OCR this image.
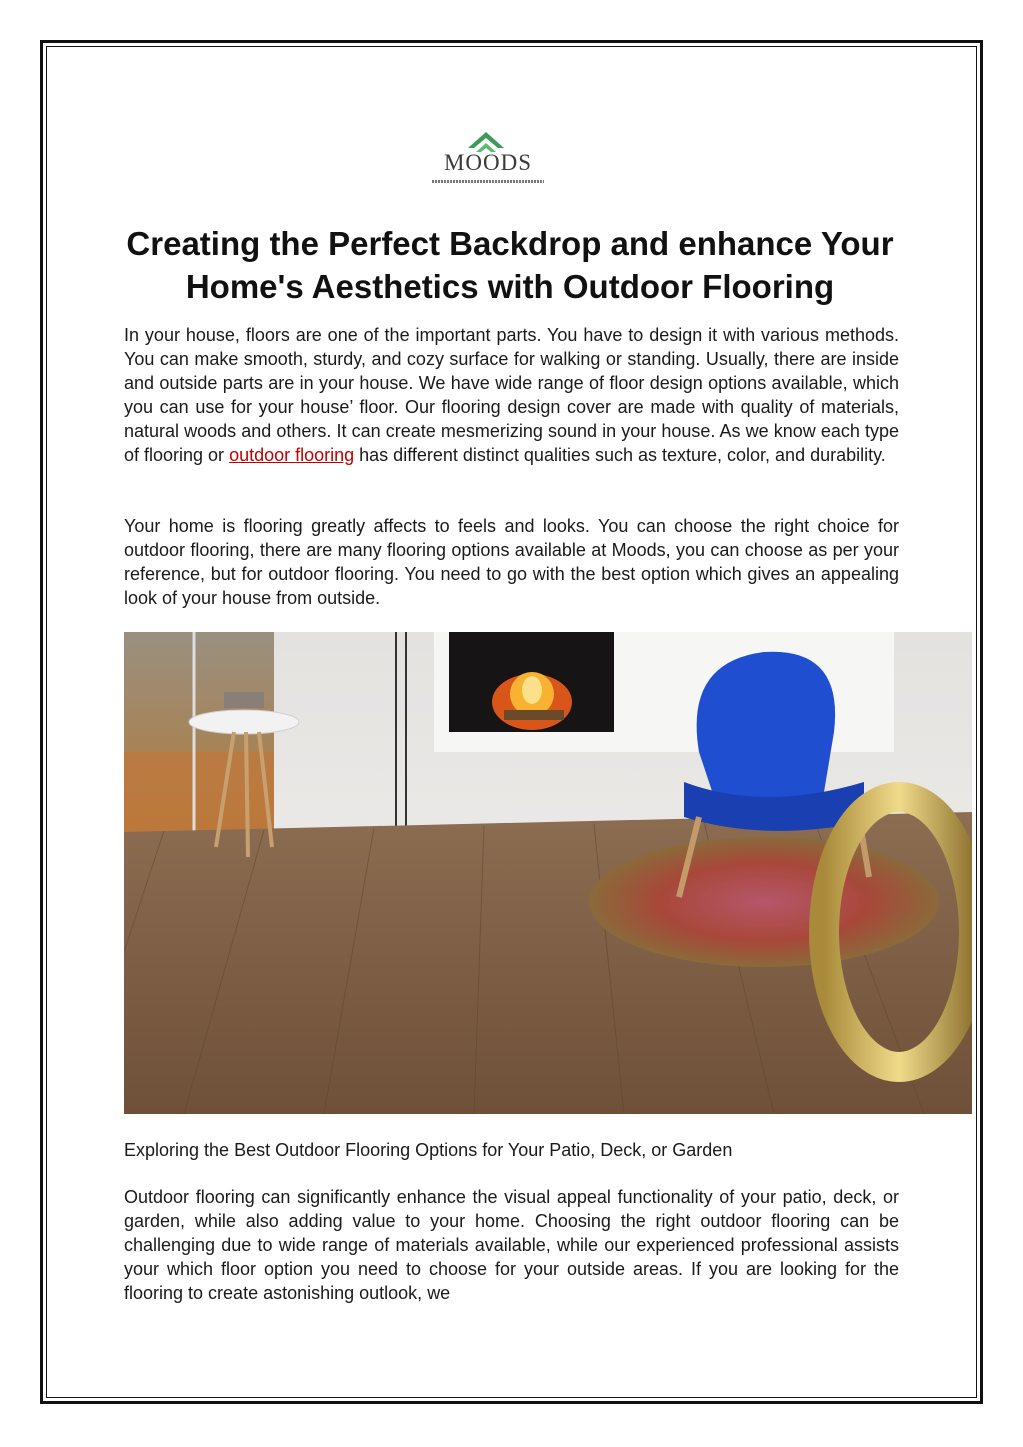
MOODS
Creating the Perfect Backdrop and enhance Your Home's Aesthetics with Outdoor Flooring
In your house, floors are one of the important parts. You have to design it with various methods. You can make smooth, sturdy, and cozy surface for walking or standing. Usually, there are inside and outside parts are in your house. We have wide range of floor design options available, which you can use for your house’ floor. Our flooring design cover are made with quality of materials, natural woods and others. It can create mesmerizing sound in your house. As we know each type of flooring or outdoor flooring has different distinct qualities such as texture, color, and durability.
Your home is flooring greatly affects to feels and looks. You can choose the right choice for outdoor flooring, there are many flooring options available at Moods, you can choose as per your reference, but for outdoor flooring. You need to go with the best option which gives an appealing look of your house from outside.
Exploring the Best Outdoor Flooring Options for Your Patio, Deck, or Garden
Outdoor flooring can significantly enhance the visual appeal functionality of your patio, deck, or garden, while also adding value to your home. Choosing the right outdoor flooring can be challenging due to wide range of materials available, while our experienced professional assists your which floor option you need to choose for your outside areas. If you are looking for the flooring to create astonishing outlook, we
